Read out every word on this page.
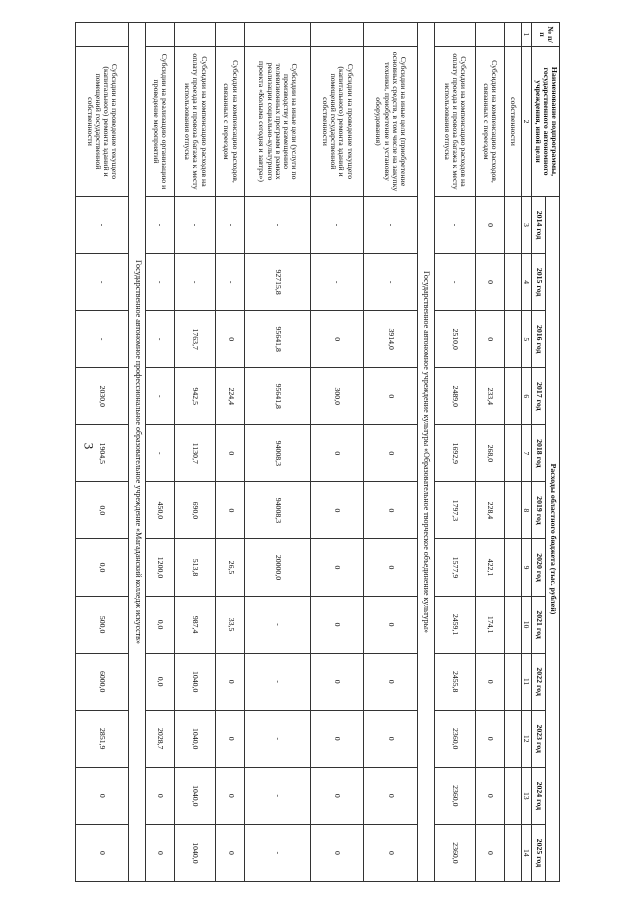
3
№ п/п	Наименование подпрограммы, государственного автономного учреждения, иной цели	Расходы областного бюджета (тыс. рублей)											
		2014 год	2015 год	2016 год	2017 год	2018 год	2019 год	2020 год	2021 год	2022 год	2023 год	2024 год	2025 год
1	2	3	4	5	6	7	8	9	10	11	12	13	14
	собственности												
	Субсидии на компенсацию расходов, связанных с переездом	0	0	0	233,4	268,0	228,4	422,1	174,1	0	0	0	0
	Субсидии на компенсацию расходов на оплату проезда и провоза багажа к месту использования отпуска	-	-	2510,0	2489,0	1692,9	1797,3	1577,9	2459,1	2455,8	2360,0	2360,0	2360,0
Государственное автономное учреждение культуры «Образовательное творческое объединение культуры»													
	Субсидии на иные цели (приобретение основных средств, в том числе на закупку техники, приобретение и установку оборудования)	-	-	3914,0	0	0	0	0	0	0	0	0	0
	Субсидии на проведение текущего (капитального) ремонта зданий и помещений государственной собственности	-	-	0	300,0	0	0	0	0	0	0	0	0
	Субсидии на иные цели (услуги по производству и размещению телевизионных программ в рамках реализации социально-культурного проекта «Колыма сегодня и завтра»)	-	92715,8	95641,8	95641,8	94008,3	94008,3	20000,0	-	-	-	-	-
	Субсидии на компенсацию расходов, связанных с переездом	-	-	0	224,4	0	0	26,5	33,5	0	0	0	0
	Субсидии на компенсацию расходов на оплату проезда и провоза багажа к месту использования отпуска	-	-	1763,7	942,5	1130,7	690,0	513,8	987,4	1040,0	1040,0	1040,0	1040,0
	Субсидии на реализацию организацию и проведение мероприятий	-	-	-	-	-	450,0	1200,0	0,0	0,0	2028,7	0	0
Государственное автономное профессиональное образовательное учреждение «Магаданский колледж искусств»													
	Субсидии на проведение текущего (капитального) ремонта зданий и помещений государственной собственности	-	-	-	2030,0	1904,5	0,0	0,0	500,0	6000,0	2851,9	0	0
